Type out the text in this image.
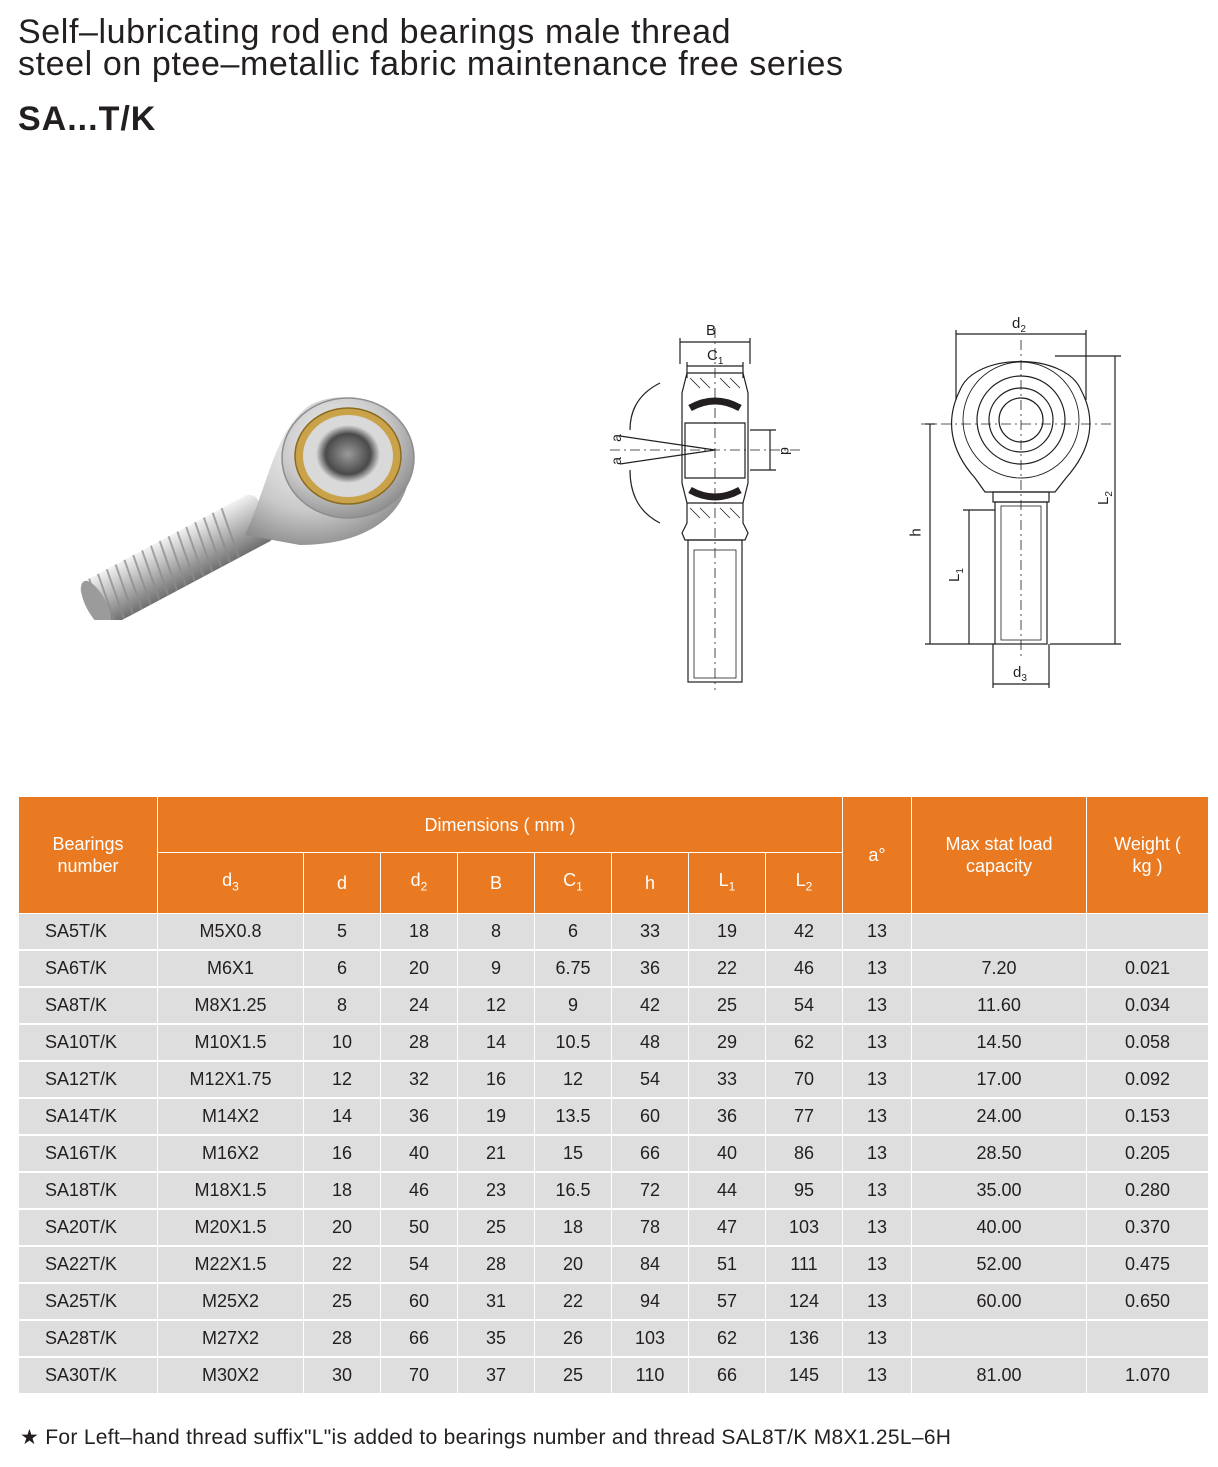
Self–lubricating rod end bearings male thread
steel on ptee–metallic fabric maintenance free series
SA...T/K
B
$C_1$
a
a
d
$d_2$
h
$L_1$
$L_2$
$d_3$
Bearings number	Dimensions ( mm )								a°	Max stat load capacity	Weight ( kg )

	$d_3$	d	$d_2$	B	$C_1$	h	$L_1$	$L_2$
SA5T/K	M5X0.8	5	18	8	6	33	19	42	13		
SA6T/K	M6X1	6	20	9	6.75	36	22	46	13	7.20	0.021
SA8T/K	M8X1.25	8	24	12	9	42	25	54	13	11.60	0.034
SA10T/K	M10X1.5	10	28	14	10.5	48	29	62	13	14.50	0.058
SA12T/K	M12X1.75	12	32	16	12	54	33	70	13	17.00	0.092
SA14T/K	M14X2	14	36	19	13.5	60	36	77	13	24.00	0.153
SA16T/K	M16X2	16	40	21	15	66	40	86	13	28.50	0.205
SA18T/K	M18X1.5	18	46	23	16.5	72	44	95	13	35.00	0.280
SA20T/K	M20X1.5	20	50	25	18	78	47	103	13	40.00	0.370
SA22T/K	M22X1.5	22	54	28	20	84	51	111	13	52.00	0.475
SA25T/K	M25X2	25	60	31	22	94	57	124	13	60.00	0.650
SA28T/K	M27X2	28	66	35	26	103	62	136	13		
SA30T/K	M30X2	30	70	37	25	110	66	145	13	81.00	1.070
★ For Left–hand thread suffix"L"is added to bearings number and thread SAL8T/K M8X1.25L–6H
